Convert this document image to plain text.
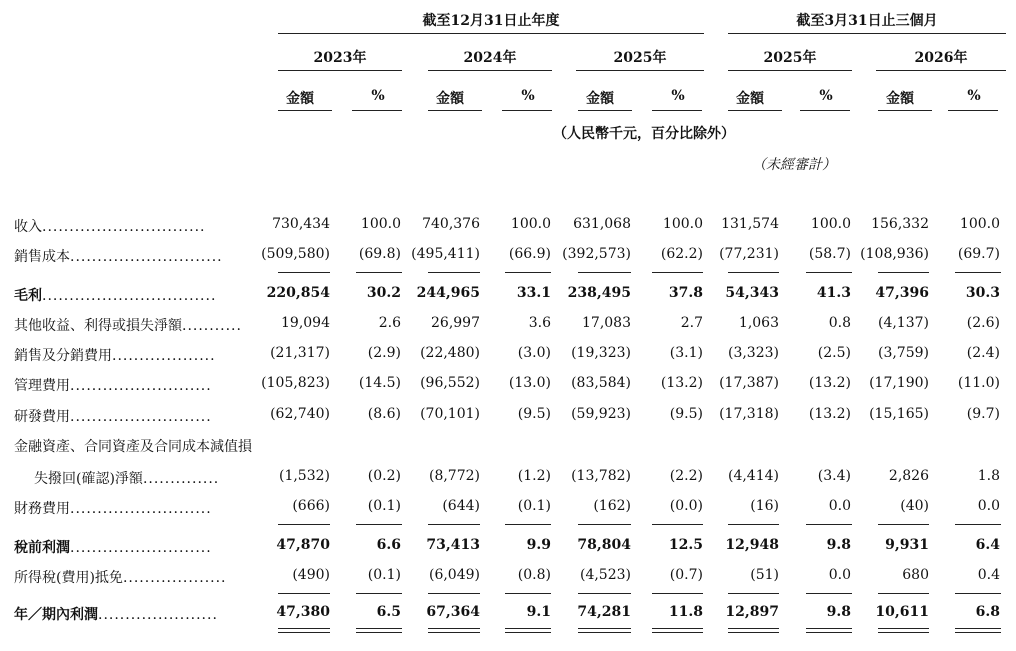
截至12月31日止年度	截至3月31日止三個月
2023年	2024年	2025年	2025年	2026年
金額	%	金額	%	金額	%	金額	%	金額	%
（人民幣千元，百分比除外）
（未經審計）
收入..............................	730,434	100.0	740,376	100.0	631,068	100.0	131,574	100.0	156,332	100.0
銷售成本............................	(509,580)	(69.8) (495,411)	(66.9) (392,573)	(62.2)	(77,231)	(58.7) (108,936)	(69.7)
毛利................................	220,854	30.2	244,965	33.1	238,495	37.8	54,343	41.3	47,396	30.3
其他收益、利得或損失淨額...........	19,094	2.6	26,997	3.6	17,083	2.7	1,063	0.8	(4,137)	(2.6)
銷售及分銷費用...................	(21,317)	(2.9)	(22,480)	(3.0)	(19,323)	(3.1)	(3,323)	(2.5)	(3,759)	(2.4)
管理費用..........................	(105,823)	(14.5)	(96,552)	(13.0)	(83,584)	(13.2)	(17,387)	(13.2)	(17,190)	(11.0)
研發費用..........................	(62,740)	(8.6)	(70,101)	(9.5)	(59,923)	(9.5)	(17,318)	(13.2)	(15,165)	(9.7)
金融資產、合同資產及合同成本減值損
失撥回(確認)淨額..............	(1,532)	(0.2)	(8,772)	(1.2)	(13,782)	(2.2)	(4,414)	(3.4)	2,826	1.8
財務費用..........................	(666)	(0.1)	(644)	(0.1)	(162)	(0.0)	(16)	0.0	(40)	0.0
稅前利潤..........................	47,870	6.6	73,413	9.9	78,804	12.5	12,948	9.8	9,931	6.4
所得稅(費用)抵免...................	(490)	(0.1)	(6,049)	(0.8)	(4,523)	(0.7)	(51)	0.0	680	0.4
年／期內利潤......................	47,380	6.5	67,364	9.1	74,281	11.8	12,897	9.8	10,611	6.8
